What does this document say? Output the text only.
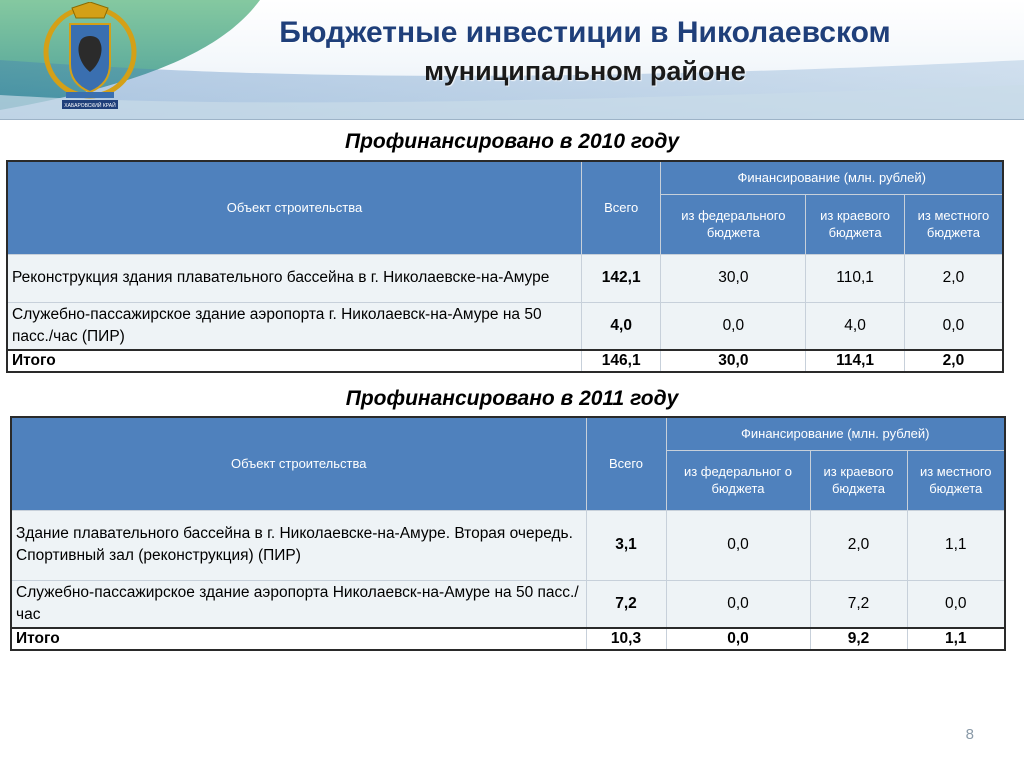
ХАБАРОВСКИЙ КРАЙ
Бюджетные инвестиции в Николаевском
муниципальном районе
Профинансировано в 2010 году
Объект строительства	Всего	Финансирование (млн. рублей)		
		из федерального бюджета	из краевого бюджета	из местного бюджета
Реконструкция здания плавательного бассейна в г. Николаевске-на-Амуре	142,1	30,0	110,1	2,0
Служебно-пассажирское здание аэропорта г. Николаевск-на-Амуре на 50 пасс./час (ПИР)	4,0	0,0	4,0	0,0
Итого	146,1	30,0	114,1	2,0
Профинансировано в 2011 году
Объект строительства	Всего	Финансирование (млн. рублей)		
		из федеральног о бюджета	из краевого бюджета	из местного бюджета
Здание плавательного бассейна в г. Николаевске-на-Амуре. Вторая очередь. Спортивный зал (реконструкция) (ПИР)	3,1	0,0	2,0	1,1
Служебно-пассажирское здание аэропорта Николаевск-на-Амуре на 50 пасс./час	7,2	0,0	7,2	0,0
Итого	10,3	0,0	9,2	1,1
8
